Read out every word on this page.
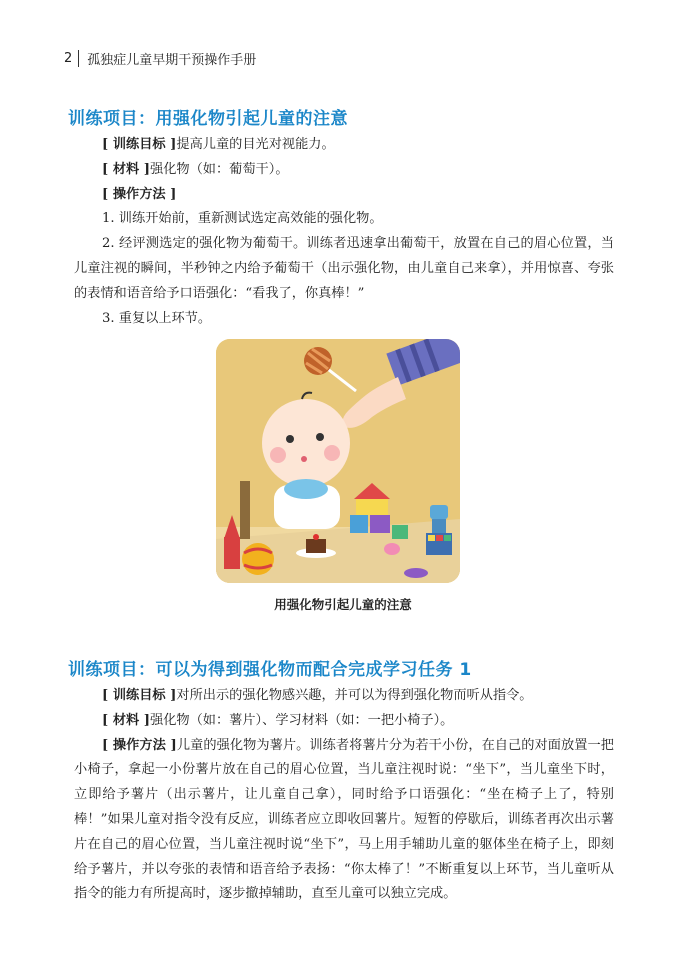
2	孤独症儿童早期干预操作手册
训练项目：用强化物引起儿童的注意

[ 训练目标 ]提高儿童的目光对视能力。

[ 材料 ]强化物（如：葡萄干）。

[ 操作方法 ]

1. 训练开始前，重新测试选定高效能的强化物。

2. 经评测选定的强化物为葡萄干。训练者迅速拿出葡萄干，放置在自己的眉心位置，当儿童注视的瞬间，半秒钟之内给予葡萄干（出示强化物，由儿童自己来拿），并用惊喜、夸张的表情和语音给予口语强化：“看我了，你真棒！”

3. 重复以上环节。

用强化物引起儿童的注意
训练项目：可以为得到强化物而配合完成学习任务 1

[ 训练目标 ]对所出示的强化物感兴趣，并可以为得到强化物而听从指令。

[ 材料 ]强化物（如：薯片）、学习材料（如：一把小椅子）。

[ 操作方法 ]儿童的强化物为薯片。训练者将薯片分为若干小份，在自己的对面放置一把小椅子，拿起一小份薯片放在自己的眉心位置，当儿童注视时说：“坐下”，当儿童坐下时，立即给予薯片（出示薯片，让儿童自己拿），同时给予口语强化：“坐在椅子上了，特别棒！”如果儿童对指令没有反应，训练者应立即收回薯片。短暂的停歇后，训练者再次出示薯片在自己的眉心位置，当儿童注视时说“坐下”，马上用手辅助儿童的躯体坐在椅子上，即刻给予薯片，并以夸张的表情和语音给予表扬：“你太棒了！”不断重复以上环节，当儿童听从指令的能力有所提高时，逐步撤掉辅助，直至儿童可以独立完成。
